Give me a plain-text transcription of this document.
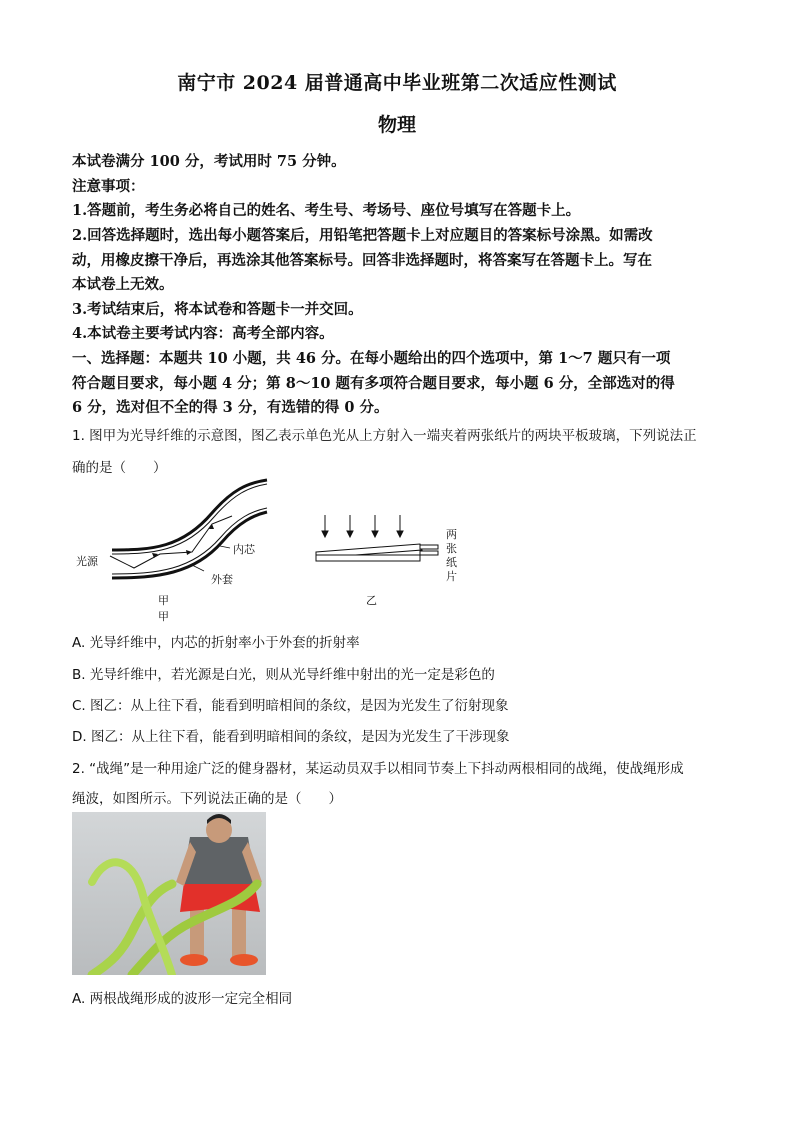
南宁市 2024 届普通高中毕业班第二次适应性测试
物理
本试卷满分 100 分，考试用时 75 分钟。
注意事项：
1.答题前，考生务必将自己的姓名、考生号、考场号、座位号填写在答题卡上。
2.回答选择题时，选出每小题答案后，用铅笔把答题卡上对应题目的答案标号涂黑。如需改
动，用橡皮擦干净后，再选涂其他答案标号。回答非选择题时，将答案写在答题卡上。写在
本试卷上无效。
3.考试结束后，将本试卷和答题卡一并交回。
4.本试卷主要考试内容：高考全部内容。
一、选择题：本题共 10 小题，共 46 分。在每小题给出的四个选项中，第 1～7 题只有一项
符合题目要求，每小题 4 分；第 8～10 题有多项符合题目要求，每小题 6 分，全部选对的得
6 分，选对但不全的得 3 分，有选错的得 0 分。
1. 图甲为光导纤维的示意图，图乙表示单色光从上方射入一端夹着两张纸片的两块平板玻璃，下列说法正
确的是（　　）
光源
内芯
外套
甲
甲
两张纸片
乙
A. 光导纤维中，内芯的折射率小于外套的折射率
B. 光导纤维中，若光源是白光，则从光导纤维中射出的光一定是彩色的
C. 图乙：从上往下看，能看到明暗相间的条纹，是因为光发生了衍射现象
D. 图乙：从上往下看，能看到明暗相间的条纹，是因为光发生了干涉现象
2. “战绳”是一种用途广泛的健身器材，某运动员双手以相同节奏上下抖动两根相同的战绳，使战绳形成
绳波，如图所示。下列说法正确的是（　　）
A. 两根战绳形成的波形一定完全相同
